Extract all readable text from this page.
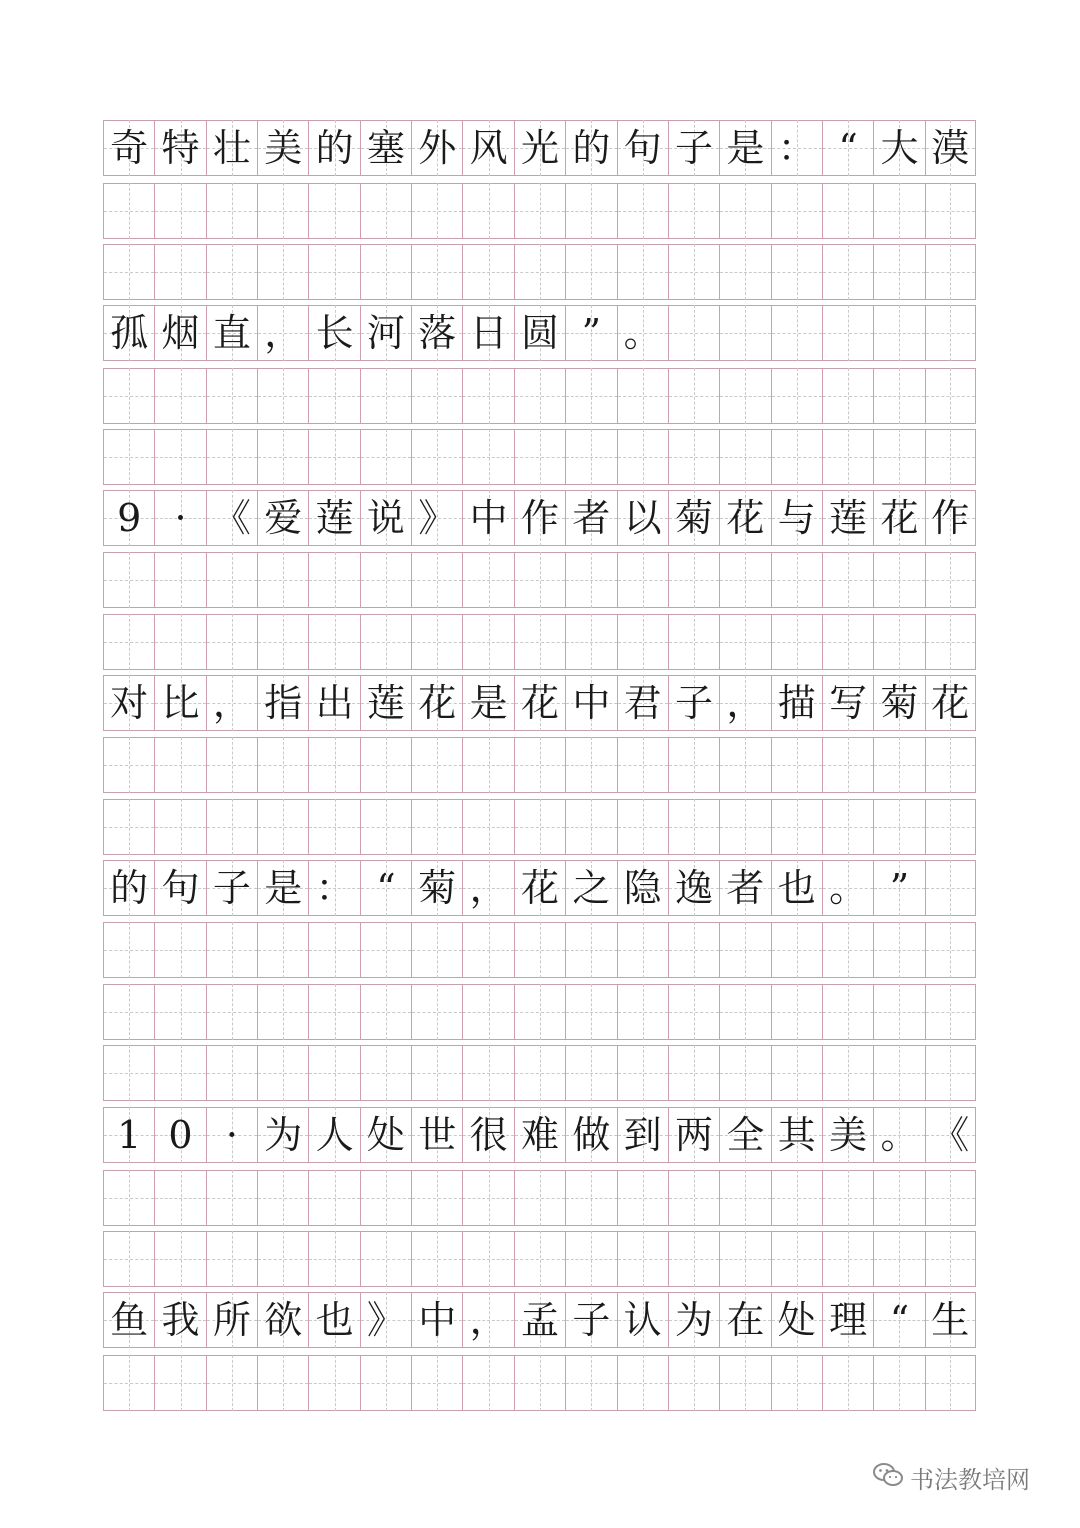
奇 特 壮 美 的 塞 外 风 光 的 句 子 是 ： “ 大 漠
孤 烟 直 ， 长 河 落 日 圆 ” 。
9 · 《 爱 莲 说 》 中 作 者 以 菊 花 与 莲 花 作
对 比 ， 指 出 莲 花 是 花 中 君 子 ， 描 写 菊 花
的 句 子 是 ： “ 菊 ， 花 之 隐 逸 者 也 。 ”
1 0 · 为 人 处 世 很 难 做 到 两 全 其 美 。 《
鱼 我 所 欲 也 》 中 ， 孟 子 认 为 在 处 理 “ 生
书法教培网
